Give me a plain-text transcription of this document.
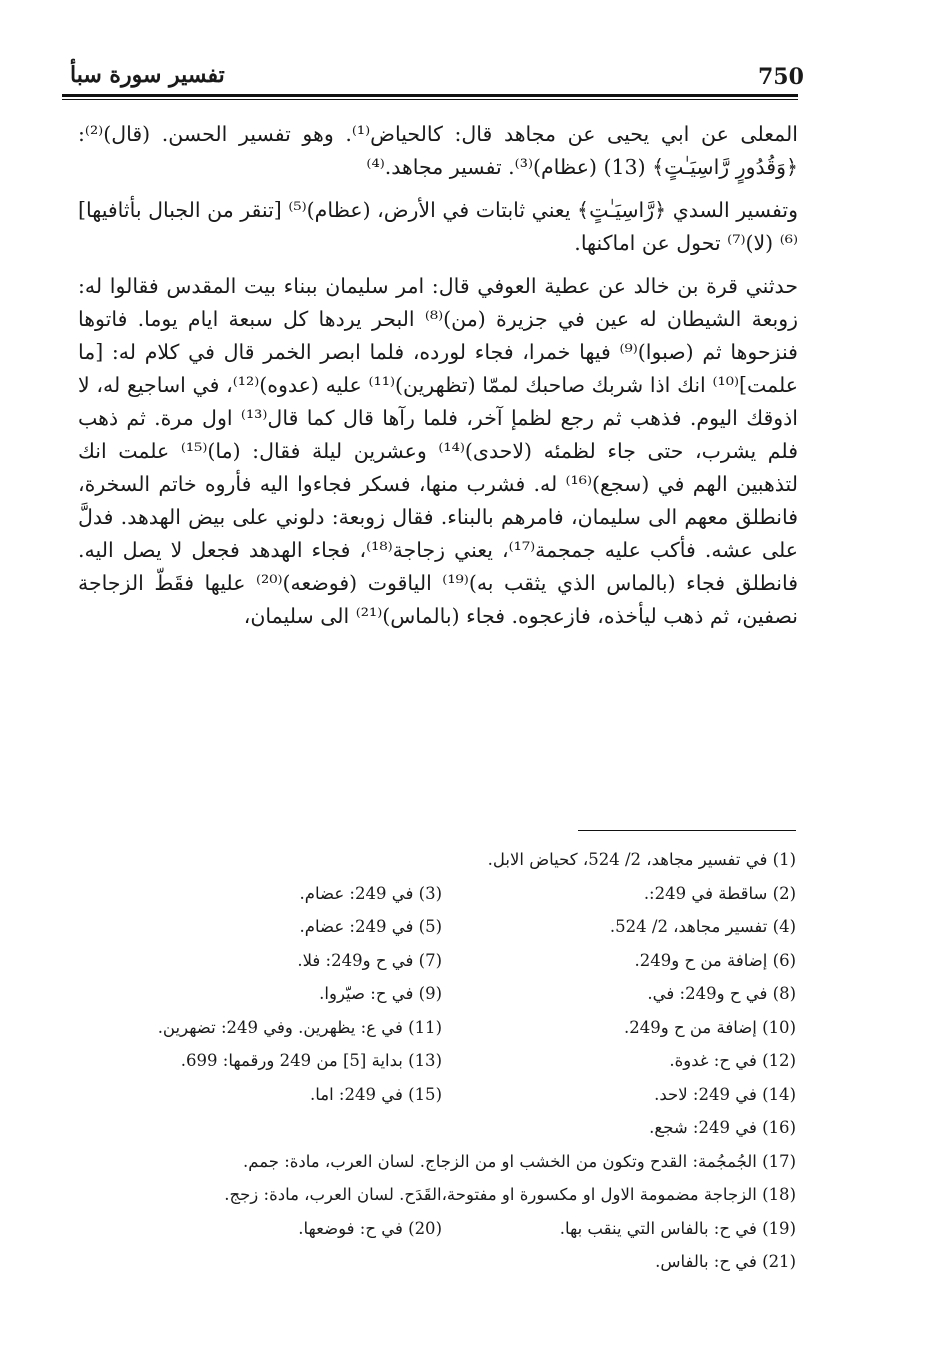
750
تفسير سورة سبأ

المعلى عن ابي يحيى عن مجاهد قال: كالحياض⁽¹⁾. وهو تفسير الحسن. (قال)⁽²⁾: ﴿وَقُدُورٍ رَّاسِيَـٰتٍ﴾ (13) (عظام)⁽³⁾. تفسير مجاهد.⁽⁴⁾

وتفسير السدي ﴿رَّاسِيَـٰتٍ﴾ يعني ثابتات في الأرض، (عظام)⁽⁵⁾ [تنقر من الجبال بأثافيها]⁽⁶⁾ (لا)⁽⁷⁾ تحول عن اماكنها.

حدثني قرة بن خالد عن عطية العوفي قال: امر سليمان ببناء بيت المقدس فقالوا له: زوبعة الشيطان له عين في جزيرة (من)⁽⁸⁾ البحر يردها كل سبعة ايام يوما. فاتوها فنزحوها ثم (صبوا)⁽⁹⁾ فيها خمرا، فجاء لورده، فلما ابصر الخمر قال في كلام له: [ما علمت]⁽¹⁰⁾ انك اذا شربك صاحبك لممّا (تظهرين)⁽¹¹⁾ عليه (عدوه)⁽¹²⁾، في اساجيع له، لا اذوقك اليوم. فذهب ثم رجع لظمإ آخر، فلما رآها قال كما قال⁽¹³⁾ اول مرة. ثم ذهب فلم يشرب، حتى جاء لظمئه (لاحدى)⁽¹⁴⁾ وعشرين ليلة فقال: (ما)⁽¹⁵⁾ علمت انك لتذهبين الهم في (سجع)⁽¹⁶⁾ له. فشرب منها، فسكر فجاءوا اليه فأروه خاتم السخرة، فانطلق معهم الى سليمان، فامرهم بالبناء. فقال زوبعة: دلوني على بيض الهدهد. فدلَّ على عشه. فأكب عليه جمجمة⁽¹⁷⁾، يعني زجاجة⁽¹⁸⁾، فجاء الهدهد فجعل لا يصل اليه. فانطلق فجاء (بالماس الذي يثقب به)⁽¹⁹⁾ الياقوت (فوضعه)⁽²⁰⁾ عليها فقَطّ الزجاجة نصفين، ثم ذهب ليأخذه، فازعجوه. فجاء (بالماس)⁽²¹⁾ الى سليمان،

(1) في تفسير مجاهد، 2/ 524، كحياض الابل.
(2) ساقطة في 249:.
(3) في 249: عضام.
(4) تفسير مجاهد، 2/ 524.
(5) في 249: عضام.
(6) إضافة من ح و249.
(7) في ح و249: فلا.
(8) في ح و249: في.
(9) في ح: صيّروا.
(10) إضافة من ح و249.
(11) في ع: يظهرين. وفي 249: تضهرين.
(12) في ح: غدوة.
(13) بداية [5] من 249 ورقمها: 699.
(14) في 249: لاحد.
(15) في 249: اما.
(16) في 249: شجع.
(17) الجُمجُمة: القدح وتكون من الخشب او من الزجاج. لسان العرب، مادة: جمم.
(18) الزجاجة مضمومة الاول او مكسورة او مفتوحة،القَدَح. لسان العرب، مادة: زجج.
(19) في ح: بالفاس التي ينقب بها.
(20) في ح: فوضعها.
(21) في ح: بالفاس.
